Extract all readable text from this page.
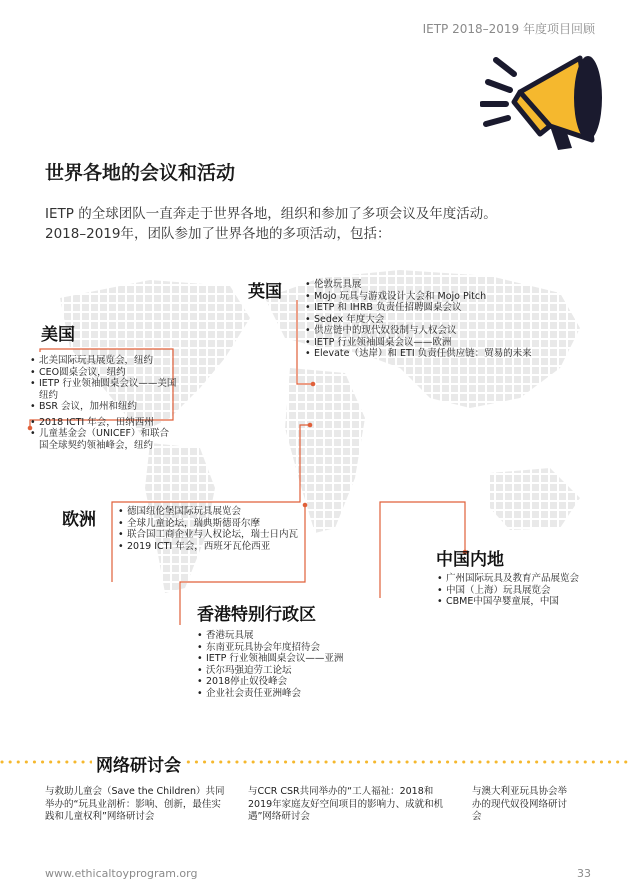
IETP 2018–2019 年度项目回顾
世界各地的会议和活动
IETP 的全球团队一直奔走于世界各地，组织和参加了多项会议及年度活动。2018–2019年，团队参加了世界各地的多项活动，包括：
英国	• 伦敦玩具展
• Mojo 玩具与游戏设计大会和 Mojo Pitch
• IETP 和 IHRB 负责任招聘圆桌会议
• Sedex 年度大会
• 供应链中的现代奴役制与人权会议
• IETP 行业领袖圆桌会议——欧洲
• Elevate（达岸）和 ETI 负责任供应链：贸易的未来
美国
• 北美国际玩具展览会，纽约
• CEO圆桌会议，纽约
• IETP 行业领袖圆桌会议——美国纽约
• BSR 会议，加州和纽约
• 2018 ICTI 年会，田纳西州
• 儿童基金会（UNICEF）和联合国全球契约领袖峰会，纽约
欧洲	• 德国纽伦堡国际玩具展览会
• 全球儿童论坛，瑞典斯德哥尔摩
• 联合国工商企业与人权论坛，瑞士日内瓦
• 2019 ICTI 年会，西班牙瓦伦西亚
中国内地
• 广州国际玩具及教育产品展览会
• 中国（上海）玩具展览会
• CBME中国孕婴童展，中国
香港特别行政区
• 香港玩具展
• 东南亚玩具协会年度招待会
• IETP 行业领袖圆桌会议——亚洲
• 沃尔玛强迫劳工论坛
• 2018停止奴役峰会
• 企业社会责任亚洲峰会
网络研讨会
与救助儿童会（Save the Children）共同举办的“玩具业剖析：影响、创新，最佳实践和儿童权利”网络研讨会
与CCR CSR共同举办的“工人福祉：2018和2019年家庭友好空间项目的影响力、成就和机遇”网络研讨会
与澳大利亚玩具协会举办的现代奴役网络研讨会
www.ethicaltoyprogram.org	33
